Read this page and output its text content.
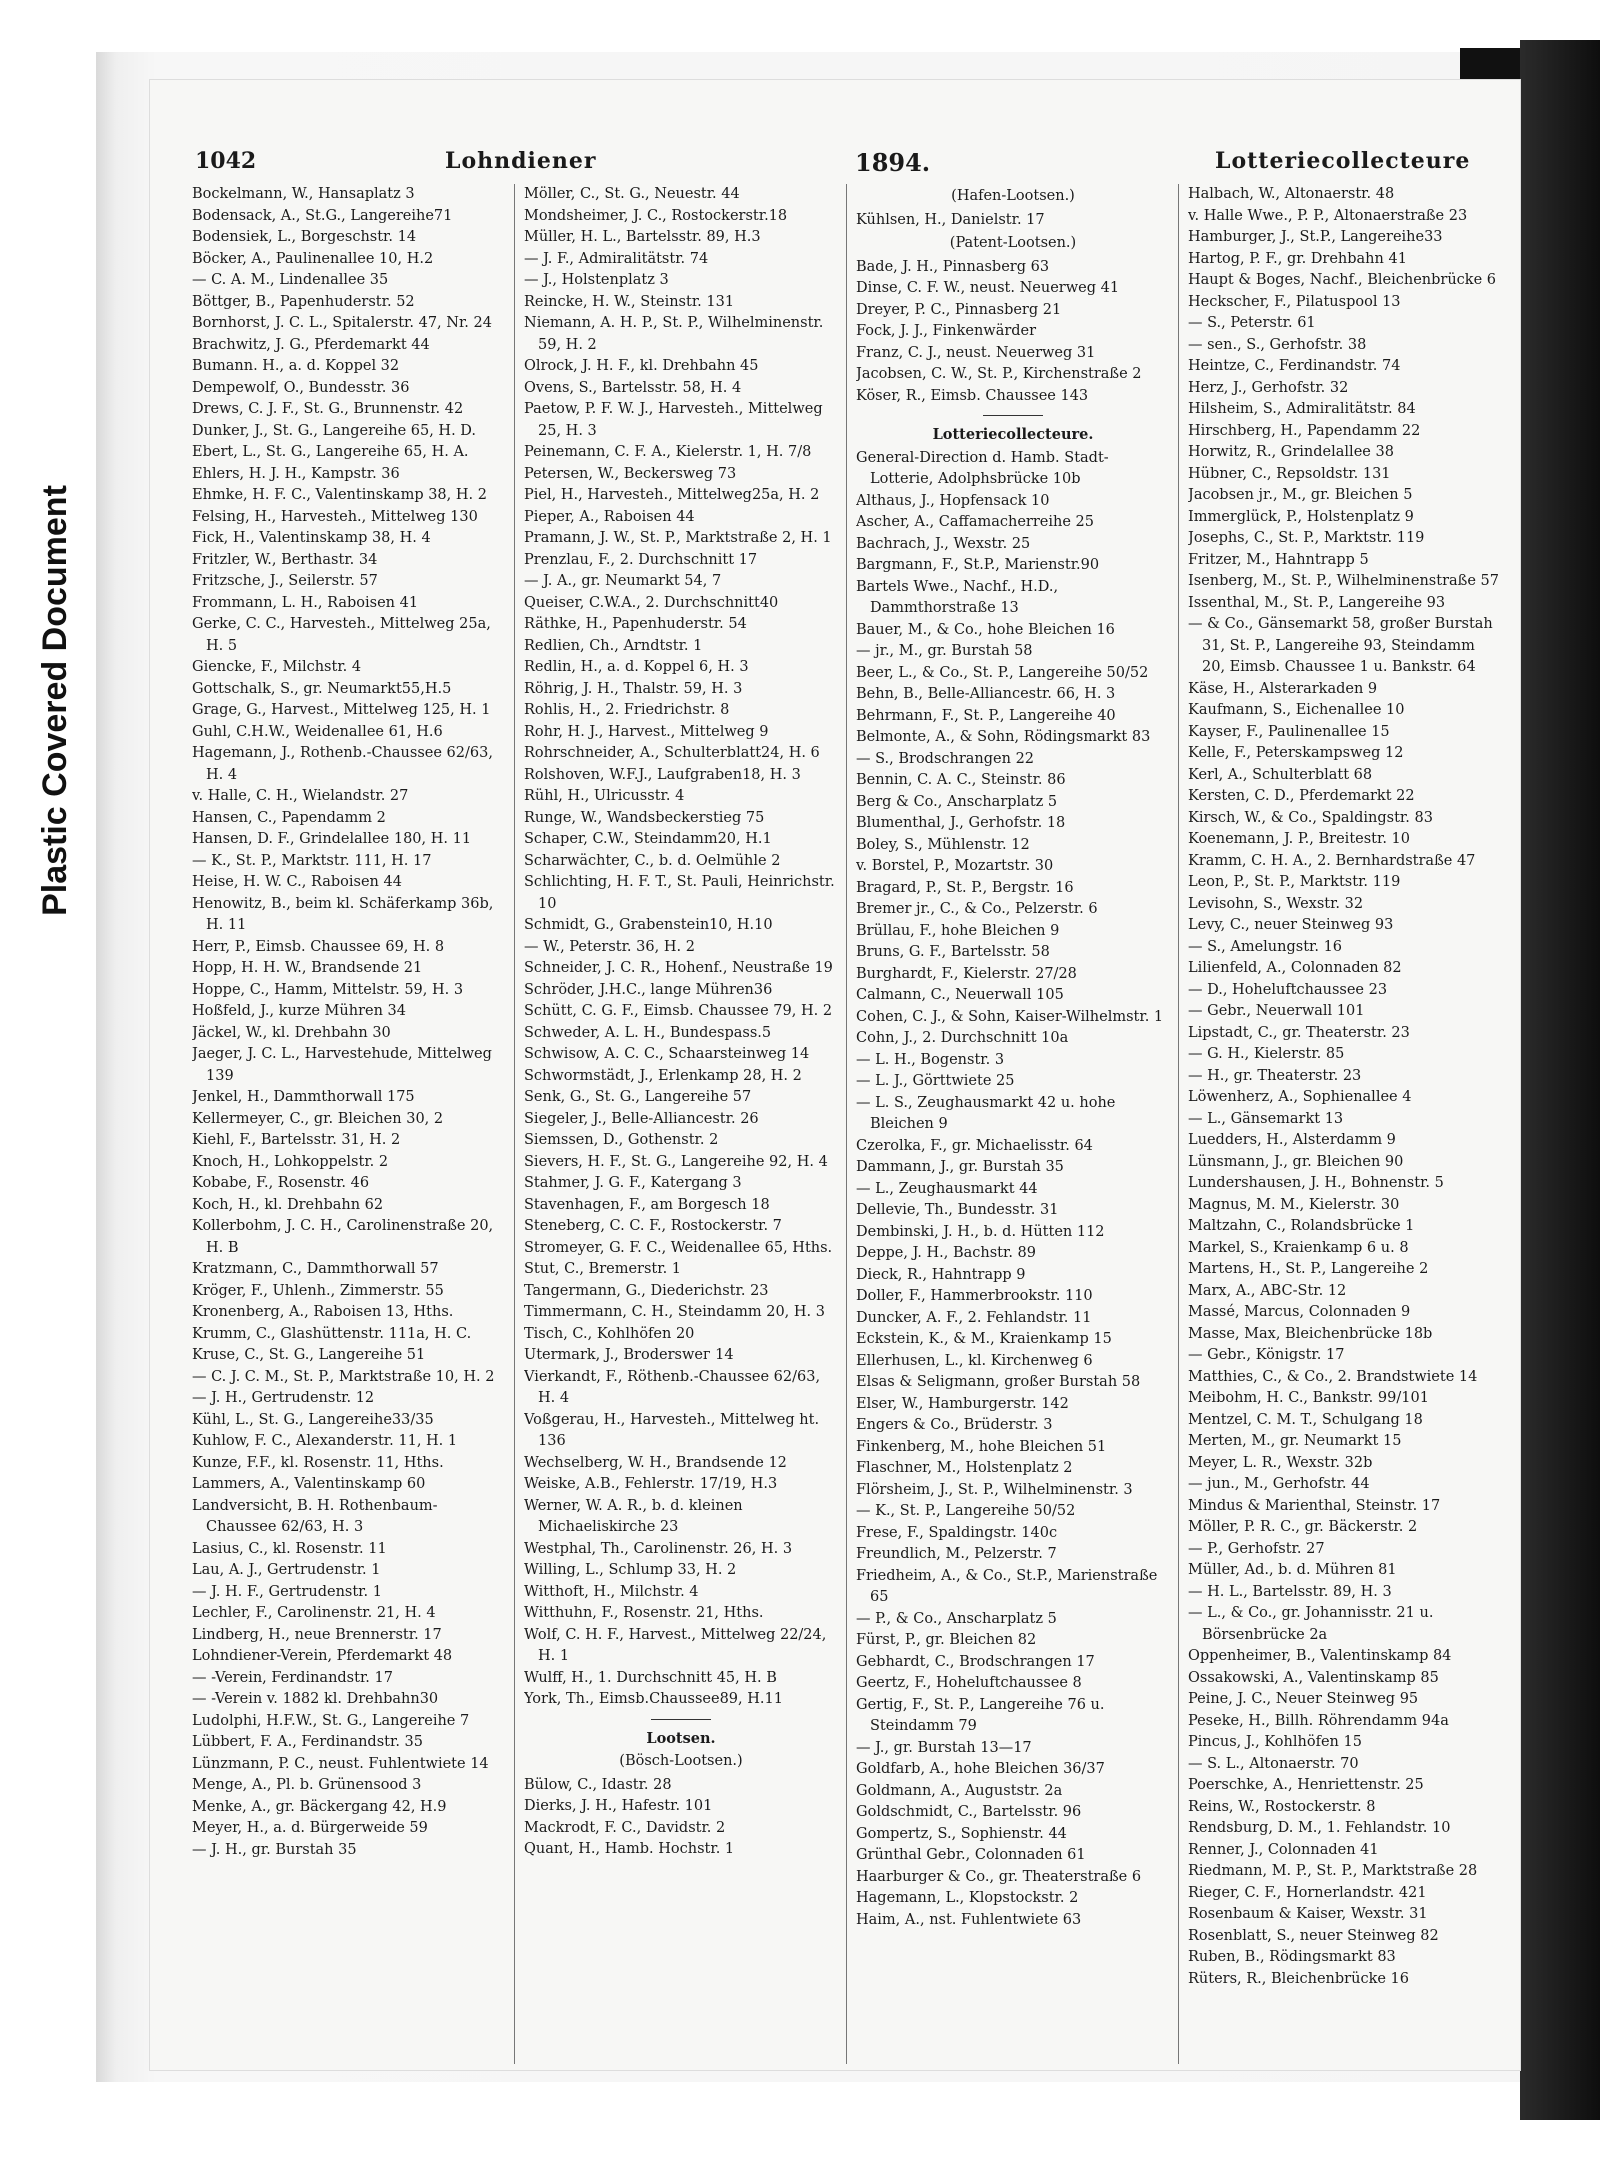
Plastic Covered Document
1042	Lohndiener	1894.	Lotteriecollecteure
Bockelmann, W., Hansaplatz 3
Bodensack, A., St.G., Langereihe71
Bodensiek, L., Borgeschstr. 14
Böcker, A., Paulinenallee 10, H.2
— C. A. M., Lindenallee 35
Böttger, B., Papenhuderstr. 52
Bornhorst, J. C. L., Spitalerstr. 47, Nr. 24
Brachwitz, J. G., Pferdemarkt 44
Bumann. H., a. d. Koppel 32
Dempewolf, O., Bundesstr. 36
Drews, C. J. F., St. G., Brunnenstr. 42
Dunker, J., St. G., Langereihe 65, H. D.
Ebert, L., St. G., Langereihe 65, H. A.
Ehlers, H. J. H., Kampstr. 36
Ehmke, H. F. C., Valentinskamp 38, H. 2
Felsing, H., Harvesteh., Mittelweg 130
Fick, H., Valentinskamp 38, H. 4
Fritzler, W., Berthastr. 34
Fritzsche, J., Seilerstr. 57
Frommann, L. H., Raboisen 41
Gerke, C. C., Harvesteh., Mittelweg 25a, H. 5
Giencke, F., Milchstr. 4
Gottschalk, S., gr. Neumarkt55,H.5
Grage, G., Harvest., Mittelweg 125, H. 1
Guhl, C.H.W., Weidenallee 61, H.6
Hagemann, J., Rothenb.-Chaussee 62/63, H. 4
v. Halle, C. H., Wielandstr. 27
Hansen, C., Papendamm 2
Hansen, D. F., Grindelallee 180, H. 11
— K., St. P., Marktstr. 111, H. 17
Heise, H. W. C., Raboisen 44
Henowitz, B., beim kl. Schäferkamp 36b, H. 11
Herr, P., Eimsb. Chaussee 69, H. 8
Hopp, H. H. W., Brandsende 21
Hoppe, C., Hamm, Mittelstr. 59, H. 3
Hoßfeld, J., kurze Mühren 34
Jäckel, W., kl. Drehbahn 30
Jaeger, J. C. L., Harvestehude, Mittelweg 139
Jenkel, H., Dammthorwall 175
Kellermeyer, C., gr. Bleichen 30, 2
Kiehl, F., Bartelsstr. 31, H. 2
Knoch, H., Lohkoppelstr. 2
Kobabe, F., Rosenstr. 46
Koch, H., kl. Drehbahn 62
Kollerbohm, J. C. H., Carolinenstraße 20, H. B
Kratzmann, C., Dammthorwall 57
Kröger, F., Uhlenh., Zimmerstr. 55
Kronenberg, A., Raboisen 13, Hths.
Krumm, C., Glashüttenstr. 111a, H. C.
Kruse, C., St. G., Langereihe 51
— C. J. C. M., St. P., Marktstraße 10, H. 2
— J. H., Gertrudenstr. 12
Kühl, L., St. G., Langereihe33/35
Kuhlow, F. C., Alexanderstr. 11, H. 1
Kunze, F.F., kl. Rosenstr. 11, Hths.
Lammers, A., Valentinskamp 60
Landversicht, B. H. Rothenbaum-Chaussee 62/63, H. 3
Lasius, C., kl. Rosenstr. 11
Lau, A. J., Gertrudenstr. 1
— J. H. F., Gertrudenstr. 1
Lechler, F., Carolinenstr. 21, H. 4
Lindberg, H., neue Brennerstr. 17
Lohndiener-Verein, Pferdemarkt 48
— -Verein, Ferdinandstr. 17
— -Verein v. 1882 kl. Drehbahn30
Ludolphi, H.F.W., St. G., Langereihe 7
Lübbert, F. A., Ferdinandstr. 35
Lünzmann, P. C., neust. Fuhlentwiete 14
Menge, A., Pl. b. Grünensood 3
Menke, A., gr. Bäckergang 42, H.9
Meyer, H., a. d. Bürgerweide 59
— J. H., gr. Burstah 35
Möller, C., St. G., Neuestr. 44
Mondsheimer, J. C., Rostockerstr.18
Müller, H. L., Bartelsstr. 89, H.3
— J. F., Admiralitätstr. 74
— J., Holstenplatz 3
Reincke, H. W., Steinstr. 131
Niemann, A. H. P., St. P., Wilhelminenstr. 59, H. 2
Olrock, J. H. F., kl. Drehbahn 45
Ovens, S., Bartelsstr. 58, H. 4
Paetow, P. F. W. J., Harvesteh., Mittelweg 25, H. 3
Peinemann, C. F. A., Kielerstr. 1, H. 7/8
Petersen, W., Beckersweg 73
Piel, H., Harvesteh., Mittelweg25a, H. 2
Pieper, A., Raboisen 44
Pramann, J. W., St. P., Marktstraße 2, H. 1
Prenzlau, F., 2. Durchschnitt 17
— J. A., gr. Neumarkt 54, 7
Queiser, C.W.A., 2. Durchschnitt40
Räthke, H., Papenhuderstr. 54
Redlien, Ch., Arndtstr. 1
Redlin, H., a. d. Koppel 6, H. 3
Röhrig, J. H., Thalstr. 59, H. 3
Rohlis, H., 2. Friedrichstr. 8
Rohr, H. J., Harvest., Mittelweg 9
Rohrschneider, A., Schulterblatt24, H. 6
Rolshoven, W.F.J., Laufgraben18, H. 3
Rühl, H., Ulricusstr. 4
Runge, W., Wandsbeckerstieg 75
Schaper, C.W., Steindamm20, H.1
Scharwächter, C., b. d. Oelmühle 2
Schlichting, H. F. T., St. Pauli, Heinrichstr. 10
Schmidt, G., Grabenstein10, H.10
— W., Peterstr. 36, H. 2
Schneider, J. C. R., Hohenf., Neustraße 19
Schröder, J.H.C., lange Mühren36
Schütt, C. G. F., Eimsb. Chaussee 79, H. 2
Schweder, A. L. H., Bundespass.5
Schwisow, A. C. C., Schaarsteinweg 14
Schwormstädt, J., Erlenkamp 28, H. 2
Senk, G., St. G., Langereihe 57
Siegeler, J., Belle-Alliancestr. 26
Siemssen, D., Gothenstr. 2
Sievers, H. F., St. G., Langereihe 92, H. 4
Stahmer, J. G. F., Katergang 3
Stavenhagen, F., am Borgesch 18
Steneberg, C. C. F., Rostockerstr. 7
Stromeyer, G. F. C., Weidenallee 65, Hths.
Stut, C., Bremerstr. 1
Tangermann, G., Diederichstr. 23
Timmermann, C. H., Steindamm 20, H. 3
Tisch, C., Kohlhöfen 20
Utermark, J., Broderswег 14
Vierkandt, F., Röthenb.-Chaussee 62/63, H. 4
Voßgerau, H., Harvesteh., Mittelweg ht. 136
Wechselberg, W. H., Brandsende 12
Weiske, A.B., Fehlerstr. 17/19, H.3
Werner, W. A. R., b. d. kleinen Michaeliskirche 23
Westphal, Th., Carolinenstr. 26, H. 3
Willing, L., Schlump 33, H. 2
Witthoft, H., Milchstr. 4
Witthuhn, F., Rosenstr. 21, Hths.
Wolf, C. H. F., Harvest., Mittelweg 22/24, H. 1
Wulff, H., 1. Durchschnitt 45, H. B
York, Th., Eimsb.Chaussee89, H.11
Lootsen.
(Bösch-Lootsen.)
Bülow, C., Idastr. 28
Dierks, J. H., Hafestr. 101
Mackrodt, F. C., Davidstr. 2
Quant, H., Hamb. Hochstr. 1
(Hafen-Lootsen.)
Kühlsen, H., Danielstr. 17
(Patent-Lootsen.)
Bade, J. H., Pinnasberg 63
Dinse, C. F. W., neust. Neuerweg 41
Dreyer, P. C., Pinnasberg 21
Fock, J. J., Finkenwärder
Franz, C. J., neust. Neuerweg 31
Jacobsen, C. W., St. P., Kirchenstraße 2
Köser, R., Eimsb. Chaussee 143
Lotteriecollecteure.
General-Direction d. Hamb. Stadt-Lotterie, Adolphsbrücke 10b
Althaus, J., Hopfensack 10
Ascher, A., Caffamacherreihe 25
Bachrach, J., Wexstr. 25
Bargmann, F., St.P., Marienstr.90
Bartels Wwe., Nachf., H.D., Dammthorstraße 13
Bauer, M., & Co., hohe Bleichen 16
— jr., M., gr. Burstah 58
Beer, L., & Co., St. P., Langereihe 50/52
Behn, B., Belle-Alliancestr. 66, H. 3
Behrmann, F., St. P., Langereihe 40
Belmonte, A., & Sohn, Rödingsmarkt 83
— S., Brodschrangen 22
Bennin, C. A. C., Steinstr. 86
Berg & Co., Anscharplatz 5
Blumenthal, J., Gerhofstr. 18
Boley, S., Mühlenstr. 12
v. Borstel, P., Mozartstr. 30
Bragard, P., St. P., Bergstr. 16
Bremer jr., C., & Co., Pelzerstr. 6
Brüllau, F., hohe Bleichen 9
Bruns, G. F., Bartelsstr. 58
Burghardt, F., Kielerstr. 27/28
Calmann, C., Neuerwall 105
Cohen, C. J., & Sohn, Kaiser-Wilhelmstr. 1
Cohn, J., 2. Durchschnitt 10a
— L. H., Bogenstr. 3
— L. J., Görttwiete 25
— L. S., Zeughausmarkt 42 u. hohe Bleichen 9
Czerolka, F., gr. Michaelisstr. 64
Dammann, J., gr. Burstah 35
— L., Zeughausmarkt 44
Dellevie, Th., Bundesstr. 31
Dembinski, J. H., b. d. Hütten 112
Deppe, J. H., Bachstr. 89
Dieck, R., Hahntrapp 9
Doller, F., Hammerbrookstr. 110
Duncker, A. F., 2. Fehlandstr. 11
Eckstein, K., & M., Kraienkamp 15
Ellerhusen, L., kl. Kirchenweg 6
Elsas & Seligmann, großer Burstah 58
Elser, W., Hamburgerstr. 142
Engers & Co., Brüderstr. 3
Finkenberg, M., hohe Bleichen 51
Flaschner, M., Holstenplatz 2
Flörsheim, J., St. P., Wilhelminenstr. 3
— K., St. P., Langereihe 50/52
Frese, F., Spaldingstr. 140c
Freundlich, M., Pelzerstr. 7
Friedheim, A., & Co., St.P., Marienstraße 65
— P., & Co., Anscharplatz 5
Fürst, P., gr. Bleichen 82
Gebhardt, C., Brodschrangen 17
Geertz, F., Hoheluftchaussee 8
Gertig, F., St. P., Langereihe 76 u. Steindamm 79
— J., gr. Burstah 13—17
Goldfarb, A., hohe Bleichen 36/37
Goldmann, A., Auguststr. 2a
Goldschmidt, C., Bartelsstr. 96
Gompertz, S., Sophienstr. 44
Grünthal Gebr., Colonnaden 61
Haarburger & Co., gr. Theaterstraße 6
Hagemann, L., Klopstockstr. 2
Haim, A., nst. Fuhlentwiete 63
Halbach, W., Altonaerstr. 48
v. Halle Wwe., P. P., Altonaerstraße 23
Hamburger, J., St.P., Langereihe33
Hartog, P. F., gr. Drehbahn 41
Haupt & Boges, Nachf., Bleichenbrücke 6
Heckscher, F., Pilatuspool 13
— S., Peterstr. 61
— sen., S., Gerhofstr. 38
Heintze, C., Ferdinandstr. 74
Herz, J., Gerhofstr. 32
Hilsheim, S., Admiralitätstr. 84
Hirschberg, H., Papendamm 22
Horwitz, R., Grindelallee 38
Hübner, C., Repsoldstr. 131
Jacobsen jr., M., gr. Bleichen 5
Immerglück, P., Holstenplatz 9
Josephs, C., St. P., Marktstr. 119
Fritzer, M., Hahntrapp 5
Isenberg, M., St. P., Wilhelminenstraße 57
Issenthal, M., St. P., Langereihe 93
— & Co., Gänsemarkt 58, großer Burstah 31, St. P., Langereihe 93, Steindamm 20, Eimsb. Chaussee 1 u. Bankstr. 64
Käse, H., Alsterarkaden 9
Kaufmann, S., Eichenallee 10
Kayser, F., Paulinenallee 15
Kelle, F., Peterskampsweg 12
Kerl, A., Schulterblatt 68
Kersten, C. D., Pferdemarkt 22
Kirsch, W., & Co., Spaldingstr. 83
Koenemann, J. P., Breitestr. 10
Kramm, C. H. A., 2. Bernhardstraße 47
Leon, P., St. P., Marktstr. 119
Levisohn, S., Wexstr. 32
Levy, C., neuer Steinweg 93
— S., Amelungstr. 16
Lilienfeld, A., Colonnaden 82
— D., Hoheluftchaussee 23
— Gebr., Neuerwall 101
Lipstadt, C., gr. Theaterstr. 23
— G. H., Kielerstr. 85
— H., gr. Theaterstr. 23
Löwenherz, A., Sophienallee 4
— L., Gänsemarkt 13
Luedders, H., Alsterdamm 9
Lünsmann, J., gr. Bleichen 90
Lundershausen, J. H., Bohnenstr. 5
Magnus, M. M., Kielerstr. 30
Maltzahn, C., Rolandsbrücke 1
Markel, S., Kraienkamp 6 u. 8
Martens, H., St. P., Langereihe 2
Marx, A., ABC-Str. 12
Massé, Marcus, Colonnaden 9
Masse, Max, Bleichenbrücke 18b
— Gebr., Königstr. 17
Matthies, C., & Co., 2. Brandstwiete 14
Meibohm, H. C., Bankstr. 99/101
Mentzel, C. M. T., Schulgang 18
Merten, M., gr. Neumarkt 15
Meyer, L. R., Wexstr. 32b
— jun., M., Gerhofstr. 44
Mindus & Marienthal, Steinstr. 17
Möller, P. R. C., gr. Bäckerstr. 2
— P., Gerhofstr. 27
Müller, Ad., b. d. Mühren 81
— H. L., Bartelsstr. 89, H. 3
— L., & Co., gr. Johannisstr. 21 u. Börsenbrücke 2a
Oppenheimer, B., Valentinskamp 84
Ossakowski, A., Valentinskamp 85
Peine, J. C., Neuer Steinweg 95
Peseke, H., Billh. Röhrendamm 94a
Pincus, J., Kohlhöfen 15
— S. L., Altonaerstr. 70
Poerschke, A., Henriettenstr. 25
Reins, W., Rostockerstr. 8
Rendsburg, D. M., 1. Fehlandstr. 10
Renner, J., Colonnaden 41
Riedmann, M. P., St. P., Marktstraße 28
Rieger, C. F., Hornerlandstr. 421
Rosenbaum & Kaiser, Wexstr. 31
Rosenblatt, S., neuer Steinweg 82
Ruben, B., Rödingsmarkt 83
Rüters, R., Bleichenbrücke 16
